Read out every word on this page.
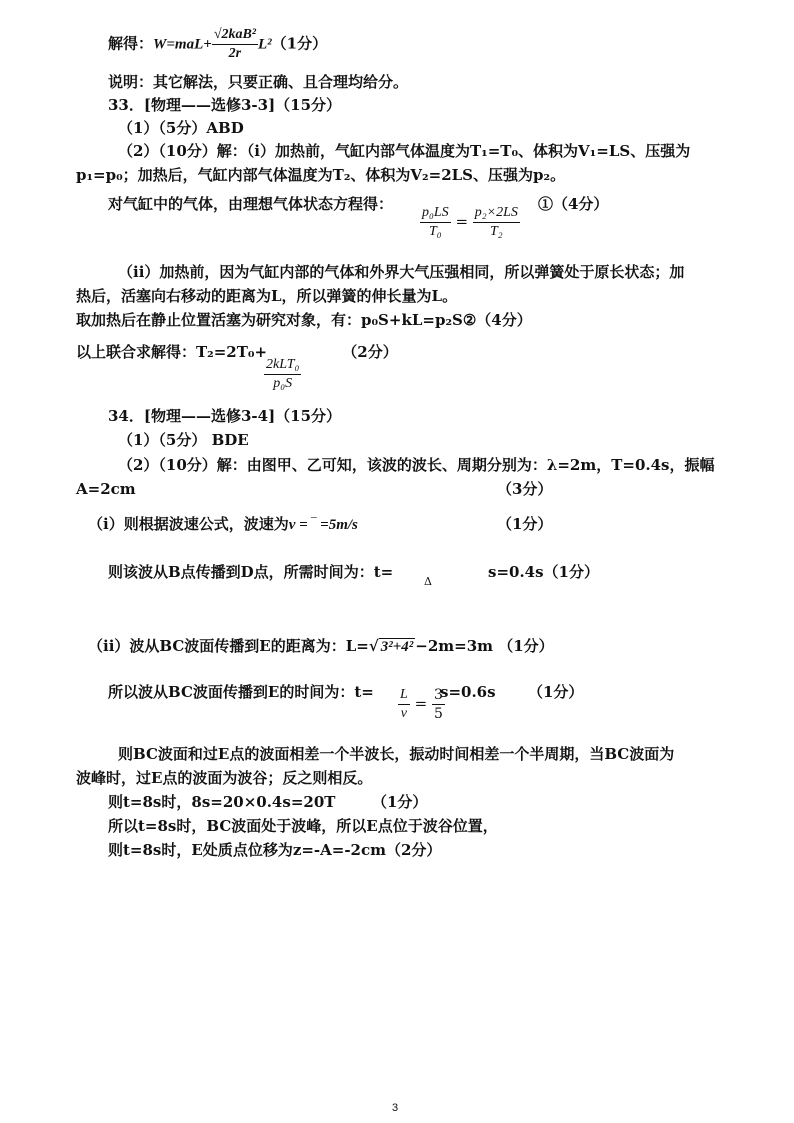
解得：$W=maL+ \frac{\text{√2kaB²}}{2r} L^2(1$分）
说明：其它解法，只要正确、且合理均给分。
33．[物理——选修3-3]（15分）
（1）（5分）ABD
（2）（10分）解：（i）加热前，气缸内部气体温度为T₁=T₀、体积为V₁=LS、压强为
p₁=p₀；加热后，气缸内部气体温度为T₂、体积为V₂=2LS、压强为p₂。
对气缸中的气体，由理想气体状态方程得： $\frac{\text{p₀LS}}{\text{T₀}} = \frac{\text{p₂×2LS}}{\text{T₂}}$ ①（4分）
（ii）加热前，因为气缸内部的气体和外界大气压强相同，所以弹簧处于原长状态；加
热后，活塞向右移动的距离为L，所以弹簧的伸长量为L。
取加热后在静止位置活塞为研究对象，有：p₀S+kL=p₂S②（4分）
以上联合求解得：T₂=2T₀+	（2分）
$\frac{\text{2kLT₀}}{\text{p₀S}}$
34．[物理——选修3-4]（15分）
（1）（5分） BDE
（2）（10分）解：由图甲、乙可知，该波的波长、周期分别为：λ=2m，T=0.4s，振幅
A=2cm	（3分）
（i）则根据波速公式，波速为v = ‾ =5m/s	（1分）
则该波从B点传播到D点，所需时间为：t=
Δ
s=0.4s（1分）
（ii）波从BC波面传播到E的距离为：L=√ 3²+4² −2m=3m （1分）
所以波从BC波面传播到E的时间为：$t= \frac{L}{v} = \frac{3}{5}$
s=0.6s （1分）
则BC波面和过E点的波面相差一个半波长，振动时间相差一个半周期，当BC波面为
波峰时，过E点的波面为波谷；反之则相反。
则t=8s时，8s=20×0.4s=20T （1分）
所以t=8s时，BC波面处于波峰，所以E点位于波谷位置，
则t=8s时，E处质点位移为z=-A=-2cm（2分）
3
